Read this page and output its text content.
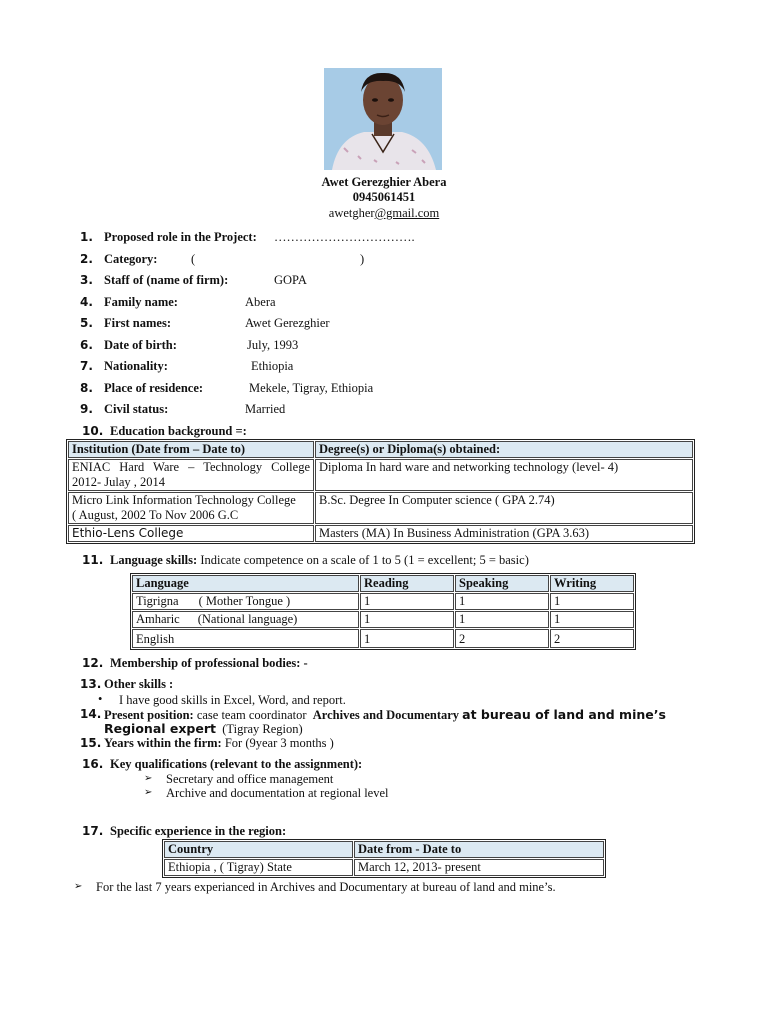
Awet Gerezghier Abera
0945061451
awetgher@gmail.com
1. Proposed role in the Project: …………………………….
2. Category:	(	)
3. Staff of (name of firm):	GOPA
4. Family name:	Abera
5. First names:	Awet Gerezghier
6. Date of birth:	July, 1993
7. Nationality:	Ethiopia
8. Place of residence:	Mekele, Tigray, Ethiopia
9. Civil status:	Married
10. Education background =:
Institution (Date from – Date to)	Degree(s) or Diploma(s) obtained:

ENIAC Hard Ware – Technology College
2012- Julay , 2014	Diploma In hard ware and networking technology (level- 4)

Micro Link Information Technology College
( August, 2002 To Nov 2006 G.C	B.Sc. Degree In Computer science ( GPA 2.74)
Ethio-Lens College	Masters (MA) In Business Administration (GPA 3.63)
11. Language skills: Indicate competence on a scale of 1 to 5 (1 = excellent; 5 = basic)
Language	Reading	Speaking	Writing
Tigrigna ( Mother Tongue )	1	1	1
Amharic (National language)	1	1	1
English	1	2	2
12. Membership of professional bodies: -
13. Other skills :
• I have good skills in Excel, Word, and report.
14. Present position: case team coordinator Archives and Documentary at bureau of land and mine’s
Regional expert (Tigray Region)
15. Years within the firm: For (9year 3 months )
16. Key qualifications (relevant to the assignment):
➢ Secretary and office management
➢ Archive and documentation at regional level
17. Specific experience in the region:
Country	Date from - Date to
Ethiopia , ( Tigray) State	March 12, 2013- present
➢ For the last 7 years experianced in Archives and Documentary at bureau of land and mine’s.
